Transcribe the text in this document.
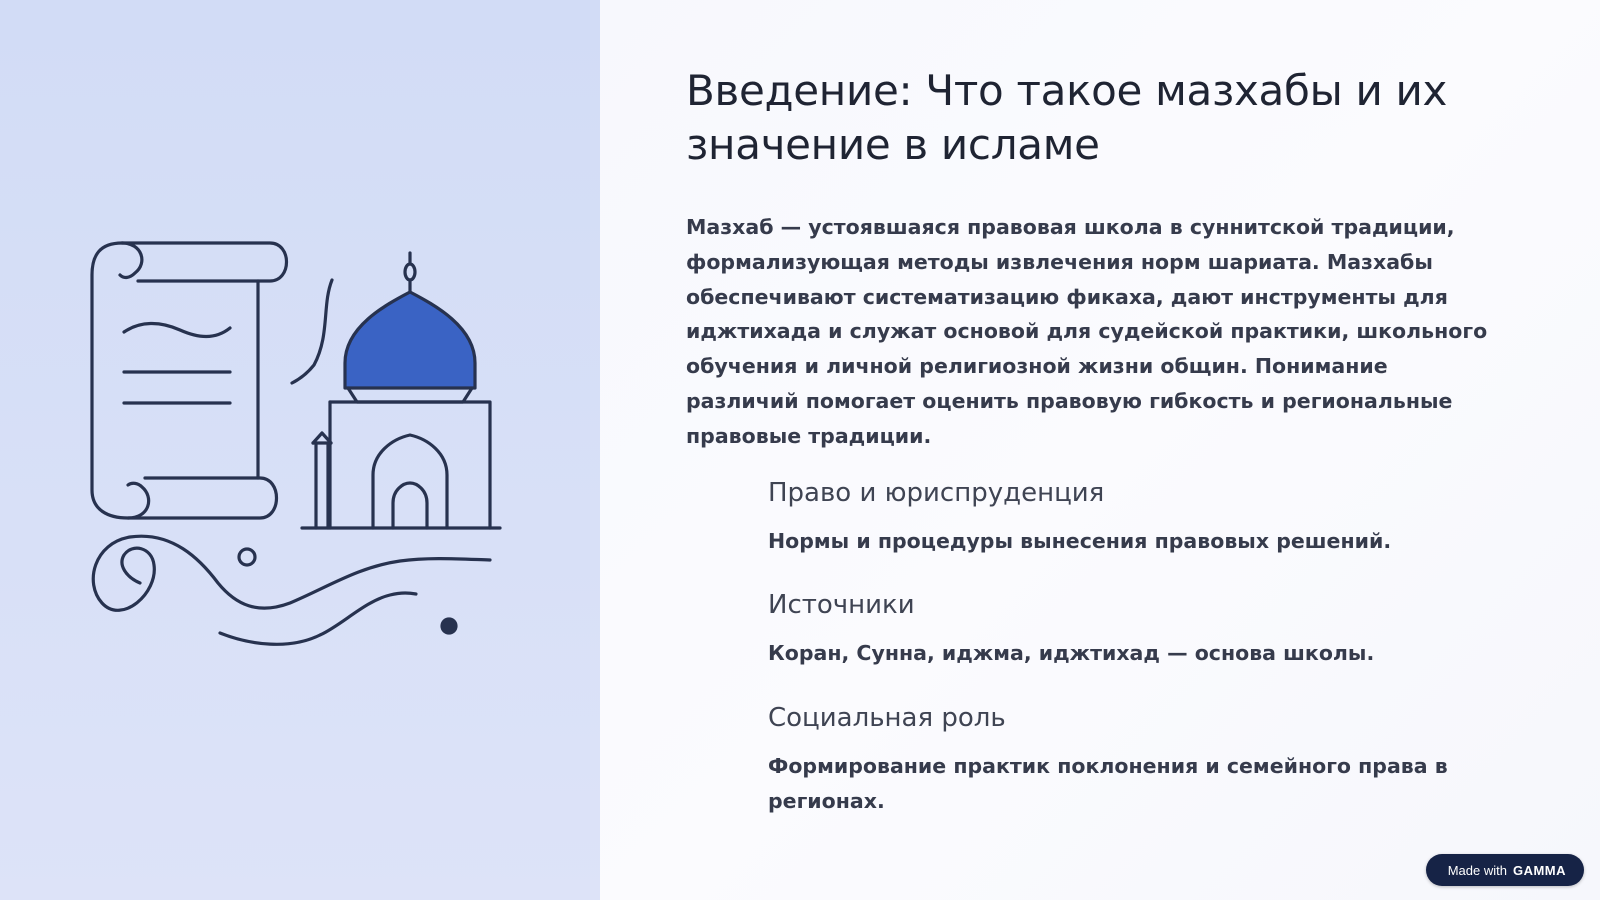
Введение: Что такое мазхабы и их значение в исламе

Мазхаб — устоявшаяся правовая школа в суннитской традиции, формализующая методы извлечения норм шариата. Мазхабы обеспечивают систематизацию фикаха, дают инструменты для иджтихада и служат основой для судейской практики, школьного обучения и личной религиозной жизни общин. Понимание различий помогает оценить правовую гибкость и региональные правовые традиции.

Право и юриспруденция
Нормы и процедуры вынесения правовых решений.
Источники
Коран, Сунна, иджма, иджтихад — основа школы.
Социальная роль
Формирование практик поклонения и семейного права в регионах.
Made with GAMMA
